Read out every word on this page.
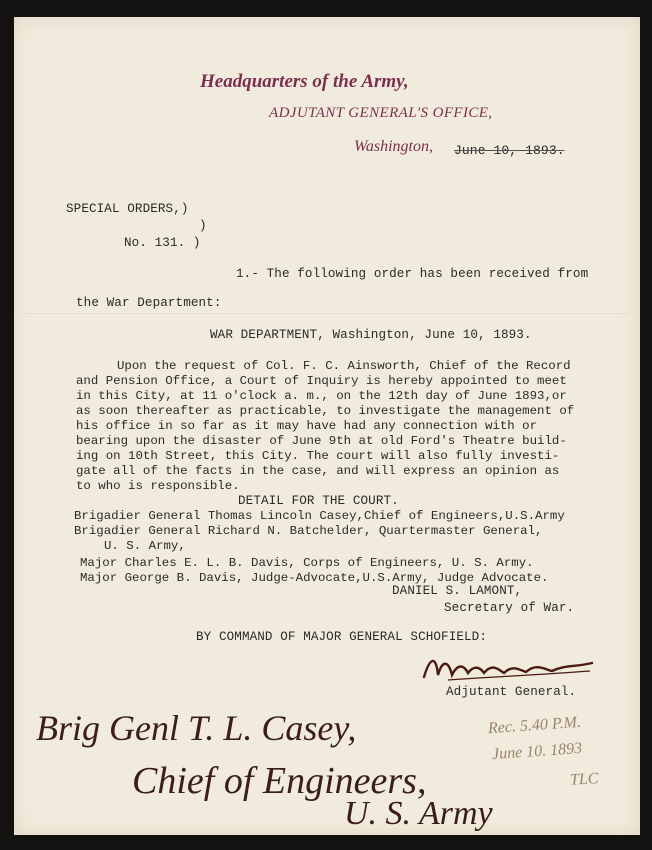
Headquarters of the Army,
ADJUTANT GENERAL'S OFFICE,
Washington, June 10, 1893.
SPECIAL ORDERS,)
)
No. 131. )
1.- The following order has been received from
the War Department:
WAR DEPARTMENT, Washington, June 10, 1893.
Upon the request of Col. F. C. Ainsworth, Chief of the Record
and Pension Office, a Court of Inquiry is hereby appointed to meet
in this City, at 11 o'clock a. m., on the 12th day of June 1893,or
as soon thereafter as practicable, to investigate the management of
his office in so far as it may have had any connection with or
bearing upon the disaster of June 9th at old Ford's Theatre build-
ing on 10th Street, this City. The court will also fully investi-
gate all of the facts in the case, and will express an opinion as
to who is responsible.
DETAIL FOR THE COURT.
Brigadier General Thomas Lincoln Casey,Chief of Engineers,U.S.Army
Brigadier General Richard N. Batchelder, Quartermaster General,
U. S. Army,
Major Charles E. L. B. Davis, Corps of Engineers, U. S. Army.
Major George B. Davis, Judge-Advocate,U.S.Army, Judge Advocate.
DANIEL S. LAMONT,
Secretary of War.
BY COMMAND OF MAJOR GENERAL SCHOFIELD:
Adjutant General.
Brig Genl T. L. Casey,
Chief of Engineers,
U. S. Army
Rec. 5.40 P.M.
June 10. 1893
TLC
